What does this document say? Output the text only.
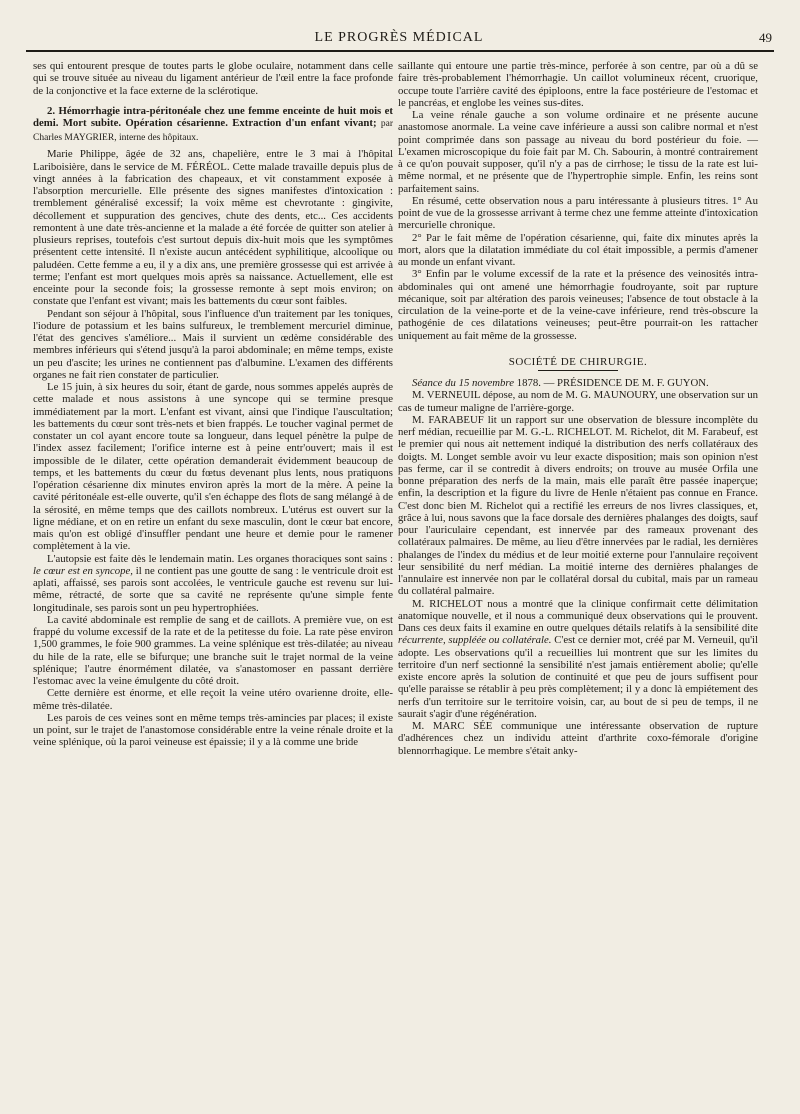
LE PROGRÈS MÉDICAL	49

ses qui entourent presque de toutes parts le globe oculaire, notamment dans celle qui se trouve située au niveau du ligament antérieur de l'œil entre la face profonde de la conjonctive et la face externe de la sclérotique.

2. Hémorrhagie intra-péritonéale chez une femme enceinte de huit mois et demi. Mort subite. Opération césarienne. Extraction d'un enfant vivant; par Charles MAYGRIER, interne des hôpitaux.

Marie Philippe, âgée de 32 ans, chapelière, entre le 3 mai à l'hôpital Lariboisière, dans le service de M. FÉRÉOL. Cette malade travaille depuis plus de vingt années à la fabrication des chapeaux, et vit constamment exposée à l'absorption mercurielle. Elle présente des signes manifestes d'intoxication : tremblement généralisé excessif; la voix même est chevrotante : gingivite, décollement et suppuration des gencives, chute des dents, etc... Ces accidents remontent à une date très-ancienne et la malade a été forcée de quitter son atelier à plusieurs reprises, toutefois c'est surtout depuis dix-huit mois que les symptômes présentent cette intensité. Il n'existe aucun antécédent syphilitique, alcoolique ou paludéen. Cette femme a eu, il y a dix ans, une première grossesse qui est arrivée à terme; l'enfant est mort quelques mois après sa naissance. Actuellement, elle est enceinte pour la seconde fois; la grossesse remonte à sept mois environ; on constate que l'enfant est vivant; mais les battements du cœur sont faibles.

Pendant son séjour à l'hôpital, sous l'influence d'un traitement par les toniques, l'iodure de potassium et les bains sulfureux, le tremblement mercuriel diminue, l'état des gencives s'améliore... Mais il survient un œdème considérable des membres inférieurs qui s'étend jusqu'à la paroi abdominale; en même temps, existe un peu d'ascite; les urines ne contiennent pas d'albumine. L'examen des différents organes ne fait rien constater de particulier.

Le 15 juin, à six heures du soir, étant de garde, nous sommes appelés auprès de cette malade et nous assistons à une syncope qui se termine presque immédiatement par la mort. L'enfant est vivant, ainsi que l'indique l'auscultation; les battements du cœur sont très-nets et bien frappés. Le toucher vaginal permet de constater un col ayant encore toute sa longueur, dans lequel pénètre la pulpe de l'index assez facilement; l'orifice interne est à peine entr'ouvert; mais il est impossible de le dilater, cette opération demanderait évidemment beaucoup de temps, et les battements du cœur du fœtus devenant plus lents, nous pratiquons l'opération césarienne dix minutes environ après la mort de la mère. A peine la cavité péritonéale est-elle ouverte, qu'il s'en échappe des flots de sang mélangé à de la sérosité, en même temps que des caillots nombreux. L'utérus est ouvert sur la ligne médiane, et on en retire un enfant du sexe masculin, dont le cœur bat encore, mais qu'on est obligé d'insuffler pendant une heure et demie pour le ramener complètement à la vie.

L'autopsie est faite dès le lendemain matin. Les organes thoraciques sont sains : le cœur est en syncope, il ne contient pas une goutte de sang : le ventricule droit est aplati, affaissé, ses parois sont accolées, le ventricule gauche est revenu sur lui-même, rétracté, de sorte que sa cavité ne représente qu'une simple fente longitudinale, ses parois sont un peu hypertrophiées.

La cavité abdominale est remplie de sang et de caillots. A première vue, on est frappé du volume excessif de la rate et de la petitesse du foie. La rate pèse environ 1,500 grammes, le foie 900 grammes. La veine splénique est très-dilatée; au niveau du hile de la rate, elle se bifurque; une branche suit le trajet normal de la veine splénique; l'autre énormément dilatée, va s'anastomoser en passant derrière l'estomac avec la veine émulgente du côté droit.

Cette dernière est énorme, et elle reçoit la veine utéro ovarienne droite, elle-même très-dilatée.

Les parois de ces veines sont en même temps très-amincies par places; il existe un point, sur le trajet de l'anastomose considérable entre la veine rénale droite et la veine splénique, où la paroi veineuse est épaissie; il y a là comme une bride

saillante qui entoure une partie très-mince, perforée à son centre, par où a dû se faire très-probablement l'hémorrhagie. Un caillot volumineux récent, cruorique, occupe toute l'arrière cavité des épiploons, entre la face postérieure de l'estomac et le pancréas, et englobe les veines sus-dites.

La veine rénale gauche a son volume ordinaire et ne présente aucune anastomose anormale. La veine cave inférieure a aussi son calibre normal et n'est point comprimée dans son passage au niveau du bord postérieur du foie. — L'examen microscopique du foie fait par M. Ch. Sabourin, à montré contrairement à ce qu'on pouvait supposer, qu'il n'y a pas de cirrhose; le tissu de la rate est lui-même normal, et ne présente que de l'hypertrophie simple. Enfin, les reins sont parfaitement sains.

En résumé, cette observation nous a paru intéressante à plusieurs titres. 1° Au point de vue de la grossesse arrivant à terme chez une femme atteinte d'intoxication mercurielle chronique.

2° Par le fait même de l'opération césarienne, qui, faite dix minutes après la mort, alors que la dilatation immédiate du col était impossible, a permis d'amener au monde un enfant vivant.

3° Enfin par le volume excessif de la rate et la présence des veinosités intra-abdominales qui ont amené une hémorrhagie foudroyante, soit par rupture mécanique, soit par altération des parois veineuses; l'absence de tout obstacle à la circulation de la veine-porte et de la veine-cave inférieure, rend très-obscure la pathogénie de ces dilatations veineuses; peut-être pourrait-on les rattacher uniquement au fait même de la grossesse.

SOCIÉTÉ DE CHIRURGIE.

Séance du 15 novembre 1878. — PRÉSIDENCE DE M. F. GUYON.

M. VERNEUIL dépose, au nom de M. G. MAUNOURY, une observation sur un cas de tumeur maligne de l'arrière-gorge.

M. FARABEUF lit un rapport sur une observation de blessure incomplète du nerf médian, recueillie par M. G.-L. RICHELOT. M. Richelot, dit M. Farabeuf, est le premier qui nous ait nettement indiqué la distribution des nerfs collatéraux des doigts. M. Longet semble avoir vu leur exacte disposition; mais son opinion n'est pas ferme, car il se contredit à divers endroits; on trouve au musée Orfila une bonne préparation des nerfs de la main, mais elle paraît être passée inaperçue; enfin, la description et la figure du livre de Henle n'étaient pas connue en France. C'est donc bien M. Richelot qui a rectifié les erreurs de nos livres classiques, et, grâce à lui, nous savons que la face dorsale des dernières phalanges des doigts, sauf pour l'auriculaire cependant, est innervée par des rameaux provenant des collatéraux palmaires. De même, au lieu d'être innervées par le radial, les dernières phalanges de l'index du médius et de leur moitié externe pour l'annulaire reçoivent leur sensibilité du nerf médian. La moitié interne des dernières phalanges de l'annulaire est innervée non par le collatéral dorsal du cubital, mais par un rameau du collatéral palmaire.

M. RICHELOT nous a montré que la clinique confirmait cette délimitation anatomique nouvelle, et il nous a communiqué deux observations qui le prouvent. Dans ces deux faits il examine en outre quelques détails relatifs à la sensibilité dite récurrente, suppléée ou collatérale. C'est ce dernier mot, créé par M. Verneuil, qu'il adopte. Les observations qu'il a recueillies lui montrent que sur les limites du territoire d'un nerf sectionné la sensibilité n'est jamais entièrement abolie; qu'elle existe encore après la solution de continuité et que peu de jours suffisent pour qu'elle paraisse se rétablir à peu près complètement; il y a donc là empiétement des nerfs d'un territoire sur le territoire voisin, car, au bout de si peu de temps, il ne saurait s'agir d'une régénération.

M. MARC SÉE communique une intéressante observation de rupture d'adhérences chez un individu atteint d'arthrite coxo-fémorale d'origine blennorrhagique. Le membre s'était anky-
